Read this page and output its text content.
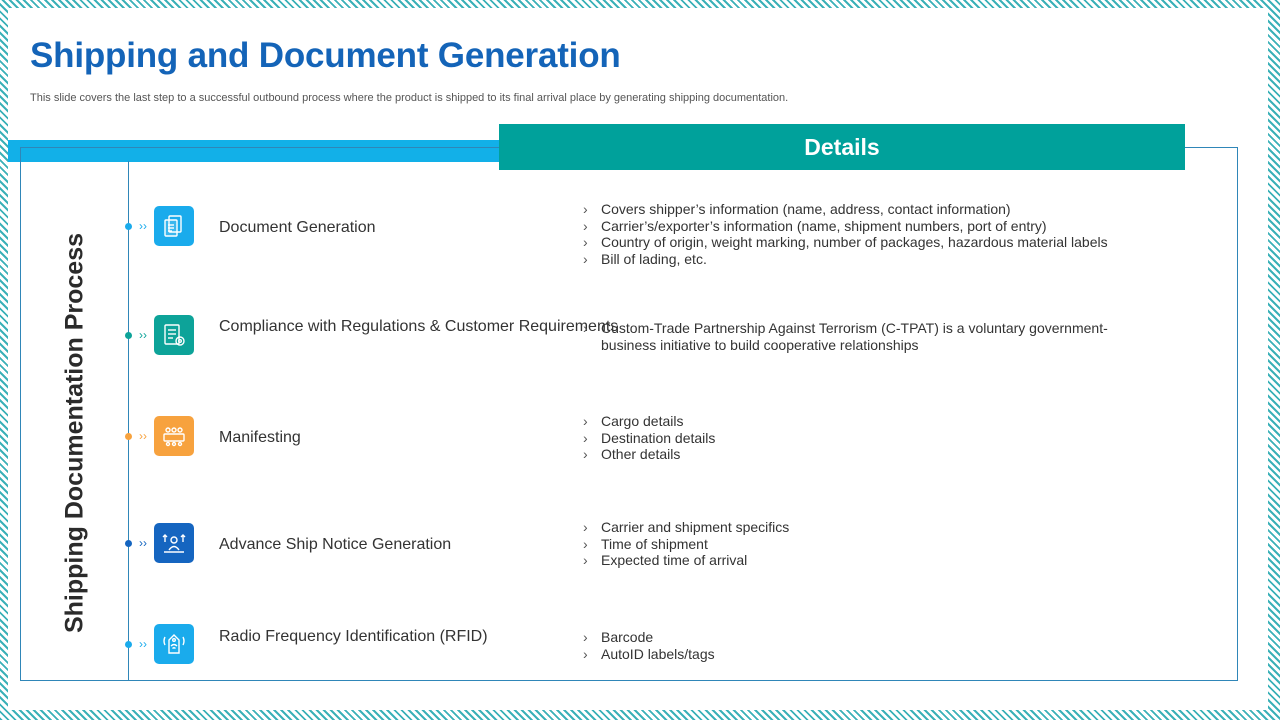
Shipping and Document Generation

This slide covers the last step to a successful outbound process where the product is shipped to its final arrival place by generating shipping documentation.

Details
Shipping Documentation Process
››	Document Generation
› Covers shipper’s information (name, address, contact information)
› Carrier’s/exporter’s information (name, shipment numbers, port of entry)
› Country of origin, weight marking, number of packages, hazardous material labels
› Bill of lading, etc.
››	Compliance with Regulations & Customer Requirements
› Custom-Trade Partnership Against Terrorism (C-TPAT) is a voluntary government-business initiative to build cooperative relationships
››	Manifesting
› Cargo details
› Destination details
› Other details
››	Advance Ship Notice Generation
› Carrier and shipment specifics
› Time of shipment
› Expected time of arrival
››	Radio Frequency Identification (RFID)
›	Barcode
› AutoID labels/tags
